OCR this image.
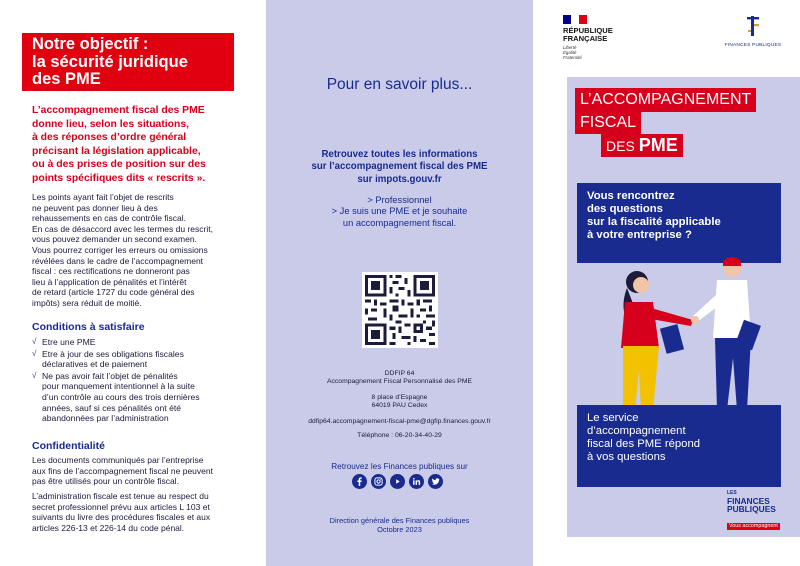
Notre objectif :
la sécurité juridique
des PME
L’accompagnement fiscal des PME
donne lieu, selon les situations,
à des réponses d’ordre général
précisant la législation applicable,
ou à des prises de position sur des
points spécifiques dits « rescrits ».
Les points ayant fait l’objet de rescrits
ne peuvent pas donner lieu à des
rehaussements en cas de contrôle fiscal.
En cas de désaccord avec les termes du rescrit,
vous pouvez demander un second examen.
Vous pourrez corriger les erreurs ou omissions
révélées dans le cadre de l’accompagnement
fiscal : ces rectifications ne donneront pas
lieu à l’application de pénalités et l’intérêt
de retard (article 1727 du code général des
impôts) sera réduit de moitié.
Conditions à satisfaire
√ Etre une PME
√ Etre à jour de ses obligations fiscales
déclaratives et de paiement
√ Ne pas avoir fait l’objet de pénalités
pour manquement intentionnel à la suite
d’un contrôle au cours des trois dernières
années, sauf si ces pénalités ont été
abandonnées par l’administration
Confidentialité
Les documents communiqués par l’entreprise
aux fins de l’accompagnement fiscal ne peuvent
pas être utilisés pour un contrôle fiscal.
L’administration fiscale est tenue au respect du
secret professionnel prévu aux articles L 103 et
suivants du livre des procédures fiscales et aux
articles 226-13 et 226-14 du code pénal.
Pour en savoir plus...
Retrouvez toutes les informations
sur l’accompagnement fiscal des PME
sur impots.gouv.fr
> Professionnel
> Je suis une PME et je souhaite
un accompagnement fiscal.
DDFIP 64
Accompagnement Fiscal Personnalisé des PME
8 place d’Espagne
64019 PAU Cedex
ddfip64.accompagnement-fiscal-pme@dgfip.finances.gouv.fr
Téléphone : 06-20-34-40-29
Retrouvez les Finances publiques sur
Direction générale des Finances publiques
Octobre 2023
RÉPUBLIQUE
FRANÇAISE
Liberté
Égalité
Fraternité
FINANCES PUBLIQUES
L’ACCOMPAGNEMENT
FISCAL
DES PME
Vous rencontrez
des questions
sur la fiscalité applicable
à votre entreprise ?
Le service
d’accompagnement
fiscal des PME répond
à vos questions
LES
FINANCES PUBLIQUES
Vous accompagnent
